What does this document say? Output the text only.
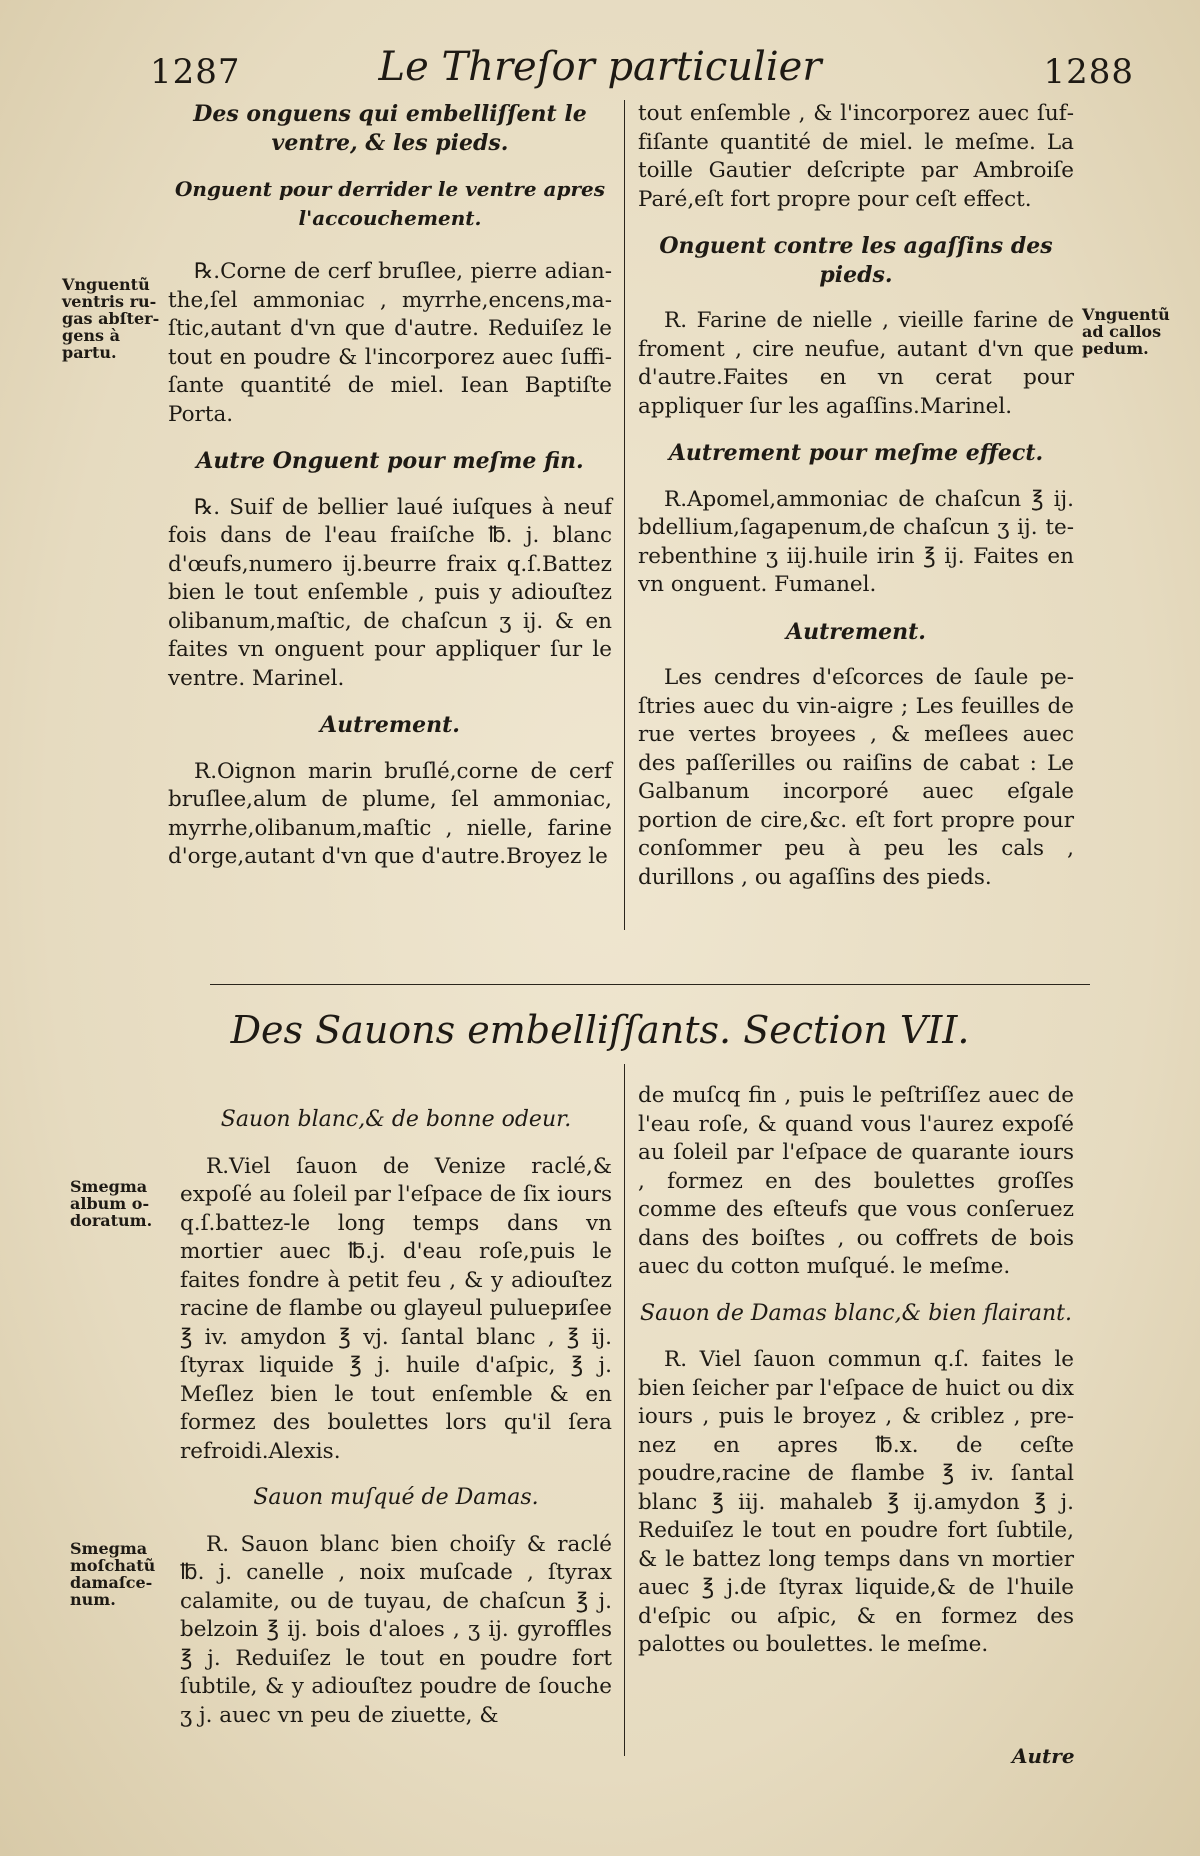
1287	Le Threſor particulier	1288

Des onguens qui embelliſſent le ventre, & les pieds.

Onguent pour derrider le ventre apres l'accouchement.

℞.Corne de cerf bruſlee, pierre adianthe,ſel ammoniac , myrrhe,encens,maſtic,autant d'vn que d'autre. Reduiſez le tout en poudre & l'incorporez auec ſuffiſante quantité de miel. Iean Baptiſte Porta.

Autre Onguent pour meſme fin.

℞. Suif de bellier laué iuſques à neuf fois dans de l'eau fraiſche ℔. j. blanc d'œufs,numero ij.beurre fraix q.ſ.Battez bien le tout enſemble , puis y adiouſtez olibanum,maſtic, de chaſcun ʒ ij. & en faites vn onguent pour appliquer ſur le ventre. Marinel.

Autrement.

R.Oignon marin bruſlé,corne de cerf bruſlee,alum de plume, ſel ammoniac, myrrhe,olibanum,maſtic , nielle, farine d'orge,autant d'vn que d'autre.Broyez le

tout enſemble , & l'incorporez auec ſuffiſante quantité de miel. le meſme. La toille Gautier deſcripte par Ambroiſe Paré,eſt fort propre pour ceſt effect.

Onguent contre les agaſſins des pieds.

R. Farine de nielle , vieille farine de froment , cire neufue, autant d'vn que d'autre.Faites en vn cerat pour appliquer ſur les agaſſins.Marinel.

Autrement pour meſme effect.

R.Apomel,ammoniac de chaſcun ℥ ij. bdellium,ſagapenum,de chaſcun ʒ ij. terebenthine ʒ iij.huile irin ℥ ij. Faites en vn onguent. Fumanel.

Autrement.

Les cendres d'eſcorces de ſaule peſtries auec du vin-aigre ; Les feuilles de rue vertes broyees , & meſlees auec des paſſerilles ou raiſins de cabat : Le Galbanum incorporé auec eſgale portion de cire,&c. eſt fort propre pour conſommer peu à peu les cals , durillons , ou agaſſins des pieds.

Vnguentũ ventris rugas abſtergens à partu.
Vnguentũ ad callos pedum.
Des Sauons embelliſſants. Section VII.

Sauon blanc,& de bonne odeur.

R.Viel ſauon de Venize raclé,& expoſé au ſoleil par l'eſpace de ſix iours q.ſ.battez-le long temps dans vn mortier auec ℔.j. d'eau roſe,puis le faites fondre à petit feu , & y adiouſtez racine de flambe ou glayeul puluериſee ℥ iv. amydon ℥ vj. ſantal blanc , ℥ ij. ſtyrax liquide ℥ j. huile d'aſpic, ℥ j. Meſlez bien le tout enſemble & en formez des boulettes lors qu'il ſera refroidi.Alexis.

Sauon muſqué de Damas.

R. Sauon blanc bien choiſy & raclé ℔. j. canelle , noix muſcade , ſtyrax calamite, ou de tuyau, de chaſcun ℥ j. belzoin ℥ ij. bois d'aloes , ʒ ij. gyroffles ℥ j. Reduiſez le tout en poudre fort ſubtile, & y adiouſtez poudre de ſouche ʒ j. auec vn peu de ziuette, &

de muſcq fin , puis le peſtriſſez auec de l'eau roſe, & quand vous l'aurez expoſé au ſoleil par l'eſpace de quarante iours , formez en des boulettes groſſes comme des eſteufs que vous conſeruez dans des boiſtes , ou coffrets de bois auec du cotton muſqué. le meſme.

Sauon de Damas blanc,& bien flairant.

R. Viel ſauon commun q.ſ. faites le bien ſeicher par l'eſpace de huict ou dix iours , puis le broyez , & criblez , prenez en apres ℔.x. de ceſte poudre,racine de flambe ℥ iv. ſantal blanc ℥ iij. mahaleb ℥ ij.amydon ℥ j. Reduiſez le tout en poudre fort ſubtile, & le battez long temps dans vn mortier auec ℥ j.de ſtyrax liquide,& de l'huile d'eſpic ou aſpic, & en formez des palottes ou boulettes. le meſme.

Smegma album odoratum.
Smegma moſchatũ damaſcenum.
Autre
